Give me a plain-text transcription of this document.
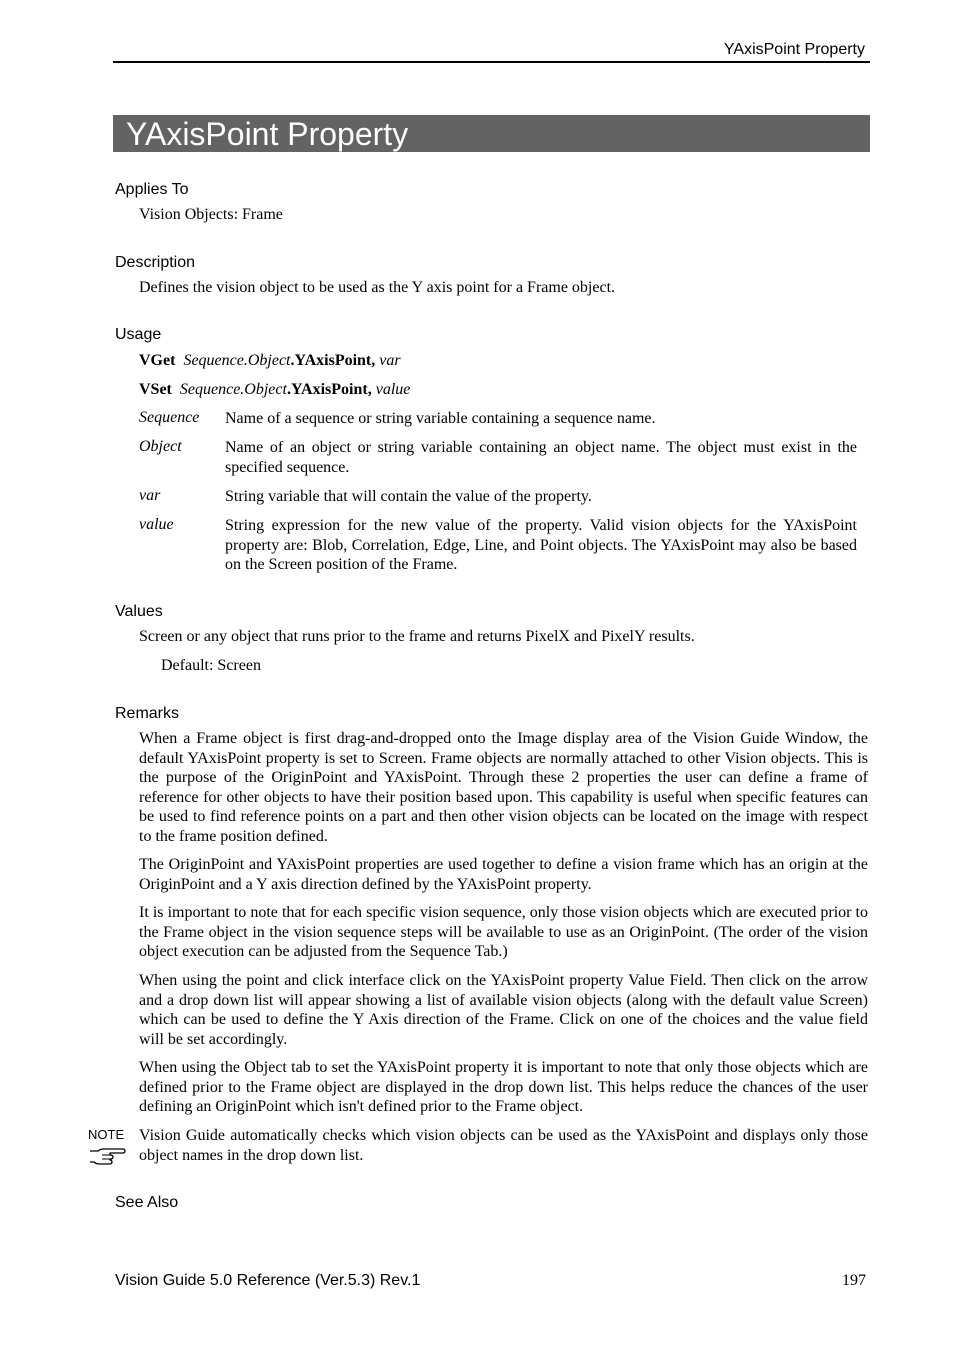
YAxisPoint Property
YAxisPoint Property
Applies To
Vision Objects: Frame
Description
Defines the vision object to be used as the Y axis point for a Frame object.
Usage
VGet Sequence.Object.YAxisPoint, var
VSet Sequence.Object.YAxisPoint, value
Sequence Name of a sequence or string variable containing a sequence name.
Object	Name of an object or string variable containing an object name. The object must exist in the specified sequence.
var	String variable that will contain the value of the property.
value	String expression for the new value of the property. Valid vision objects for the YAxisPoint property are: Blob, Correlation, Edge, Line, and Point objects. The YAxisPoint may also be based on the Screen position of the Frame.
Values
Screen or any object that runs prior to the frame and returns PixelX and PixelY results.
Default: Screen
Remarks
When a Frame object is first drag-and-dropped onto the Image display area of the Vision Guide Window, the default YAxisPoint property is set to Screen. Frame objects are normally attached to other Vision objects. This is the purpose of the OriginPoint and YAxisPoint. Through these 2 properties the user can define a frame of reference for other objects to have their position based upon. This capability is useful when specific features can be used to find reference points on a part and then other vision objects can be located on the image with respect to the frame position defined.
The OriginPoint and YAxisPoint properties are used together to define a vision frame which has an origin at the OriginPoint and a Y axis direction defined by the YAxisPoint property.
It is important to note that for each specific vision sequence, only those vision objects which are executed prior to the Frame object in the vision sequence steps will be available to use as an OriginPoint. (The order of the vision object execution can be adjusted from the Sequence Tab.)
When using the point and click interface click on the YAxisPoint property Value Field. Then click on the arrow and a drop down list will appear showing a list of available vision objects (along with the default value Screen) which can be used to define the Y Axis direction of the Frame. Click on one of the choices and the value field will be set accordingly.
When using the Object tab to set the YAxisPoint property it is important to note that only those objects which are defined prior to the Frame object are displayed in the drop down list. This helps reduce the chances of the user defining an OriginPoint which isn't defined prior to the Frame object.
NOTE Vision Guide automatically checks which vision objects can be used as the YAxisPoint and displays only those object names in the drop down list.
See Also
Vision Guide 5.0 Reference (Ver.5.3) Rev.1	197
